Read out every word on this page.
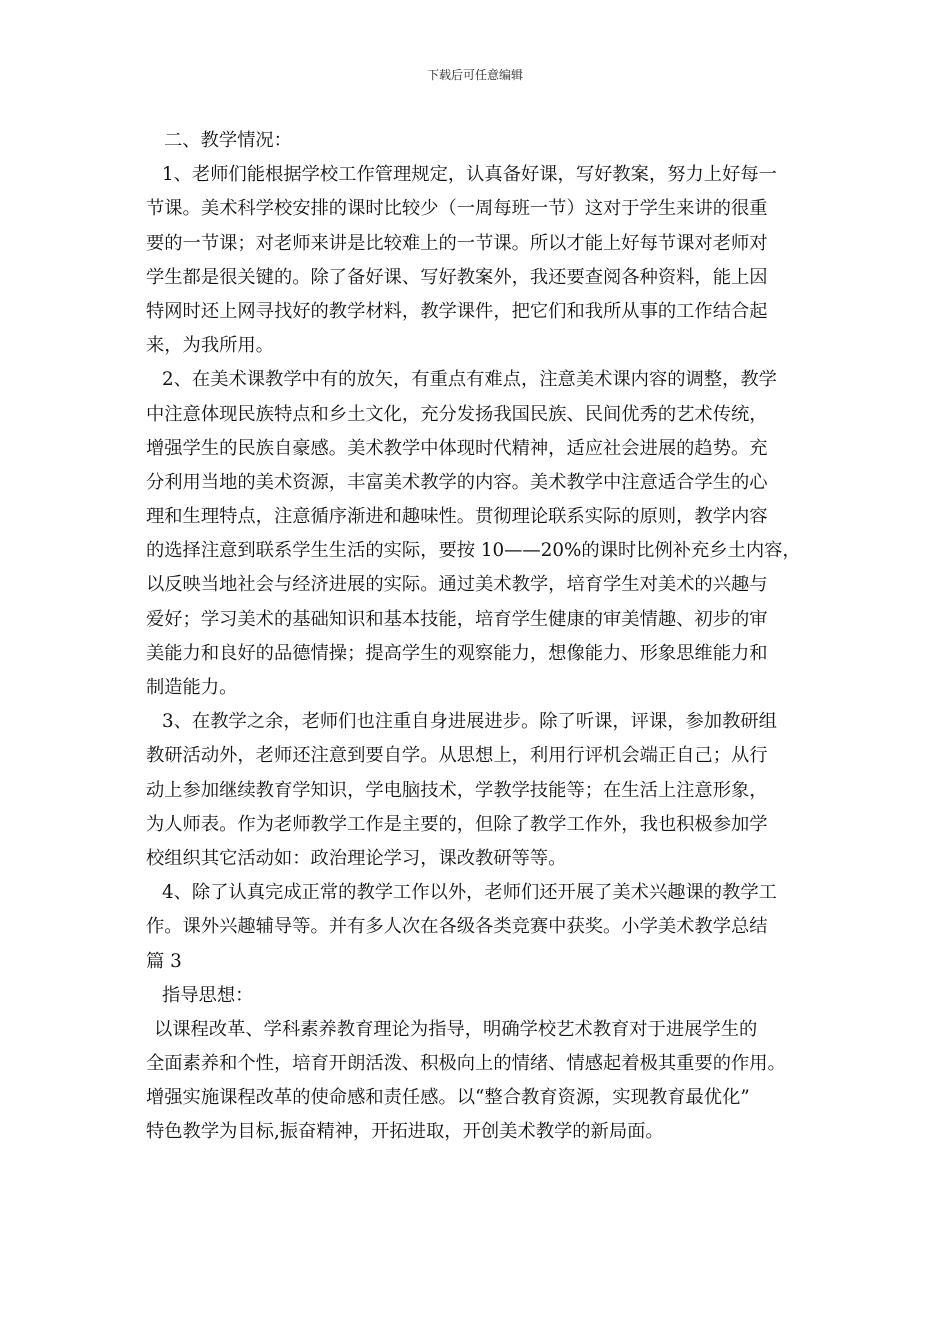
下载后可任意编辑
二、教学情况：
1、老师们能根据学校工作管理规定，认真备好课，写好教案，努力上好每一
节课。美术科学校安排的课时比较少（一周每班一节）这对于学生来讲的很重
要的一节课；对老师来讲是比较难上的一节课。所以才能上好每节课对老师对
学生都是很关键的。除了备好课、写好教案外，我还要查阅各种资料，能上因
特网时还上网寻找好的教学材料，教学课件，把它们和我所从事的工作结合起
来，为我所用。
2、在美术课教学中有的放矢，有重点有难点，注意美术课内容的调整，教学
中注意体现民族特点和乡土文化，充分发扬我国民族、民间优秀的艺术传统，
增强学生的民族自豪感。美术教学中体现时代精神，适应社会进展的趋势。充
分利用当地的美术资源，丰富美术教学的内容。美术教学中注意适合学生的心
理和生理特点，注意循序渐进和趣味性。贯彻理论联系实际的原则，教学内容
的选择注意到联系学生生活的实际，要按 10——20%的课时比例补充乡土内容，
以反映当地社会与经济进展的实际。通过美术教学，培育学生对美术的兴趣与
爱好；学习美术的基础知识和基本技能，培育学生健康的审美情趣、初步的审
美能力和良好的品德情操；提高学生的观察能力，想像能力、形象思维能力和
制造能力。
3、在教学之余，老师们也注重自身进展进步。除了听课，评课，参加教研组
教研活动外，老师还注意到要自学。从思想上，利用行评机会端正自己；从行
动上参加继续教育学知识，学电脑技术，学教学技能等；在生活上注意形象，
为人师表。作为老师教学工作是主要的，但除了教学工作外，我也积极参加学
校组织其它活动如：政治理论学习，课改教研等等。
4、除了认真完成正常的教学工作以外，老师们还开展了美术兴趣课的教学工
作。课外兴趣辅导等。并有多人次在各级各类竞赛中获奖。小学美术教学总结
篇 3
指导思想：
以课程改革、学科素养教育理论为指导，明确学校艺术教育对于进展学生的
全面素养和个性，培育开朗活泼、积极向上的情绪、情感起着极其重要的作用。
增强实施课程改革的使命感和责任感。以“整合教育资源，实现教育最优化”
特色教学为目标,振奋精神，开拓进取，开创美术教学的新局面。
